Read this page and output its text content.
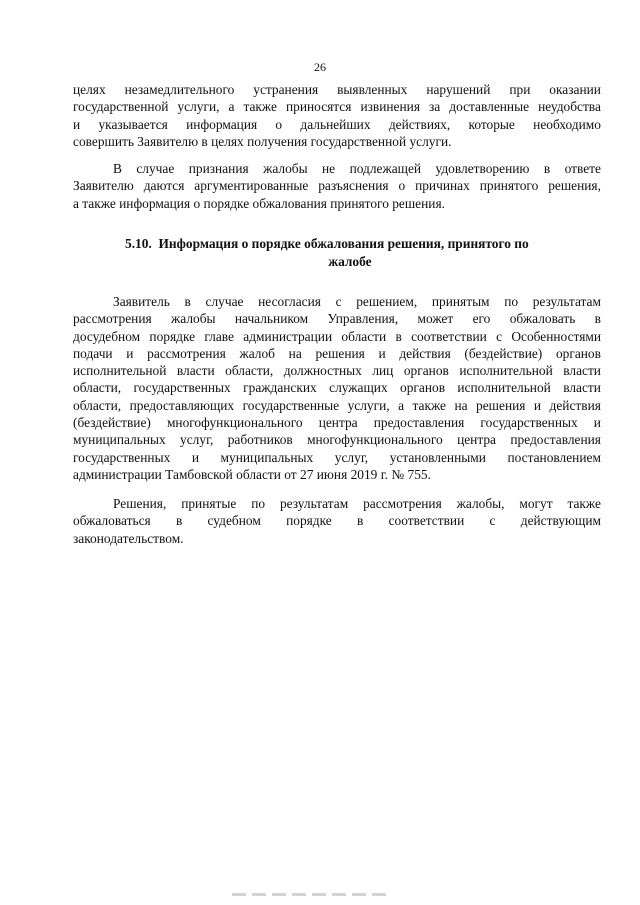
26
целях незамедлительного устранения выявленных нарушений при оказании
государственной услуги, а также приносятся извинения за доставленные неудобства
и указывается информация о дальнейших действиях, которые необходимо
совершить Заявителю в целях получения государственной услуги.
В случае признания жалобы не подлежащей удовлетворению в ответе
Заявителю даются аргументированные разъяснения о причинах принятого решения,
а также информация о порядке обжалования принятого решения.
5.10. Информация о порядке обжалования решения, принятого по
жалобе
Заявитель в случае несогласия с решением, принятым по результатам
рассмотрения жалобы начальником Управления, может его обжаловать в
досудебном порядке главе администрации области в соответствии с Особенностями
подачи и рассмотрения жалоб на решения и действия (бездействие) органов
исполнительной власти области, должностных лиц органов исполнительной власти
области, государственных гражданских служащих органов исполнительной власти
области, предоставляющих государственные услуги, а также на решения и действия
(бездействие) многофункционального центра предоставления государственных и
муниципальных услуг, работников многофункционального центра предоставления
государственных и муниципальных услуг, установленными постановлением
администрации Тамбовской области от 27 июня 2019 г. № 755.
Решения, принятые по результатам рассмотрения жалобы, могут также
обжаловаться в судебном порядке в соответствии с действующим
законодательством.
